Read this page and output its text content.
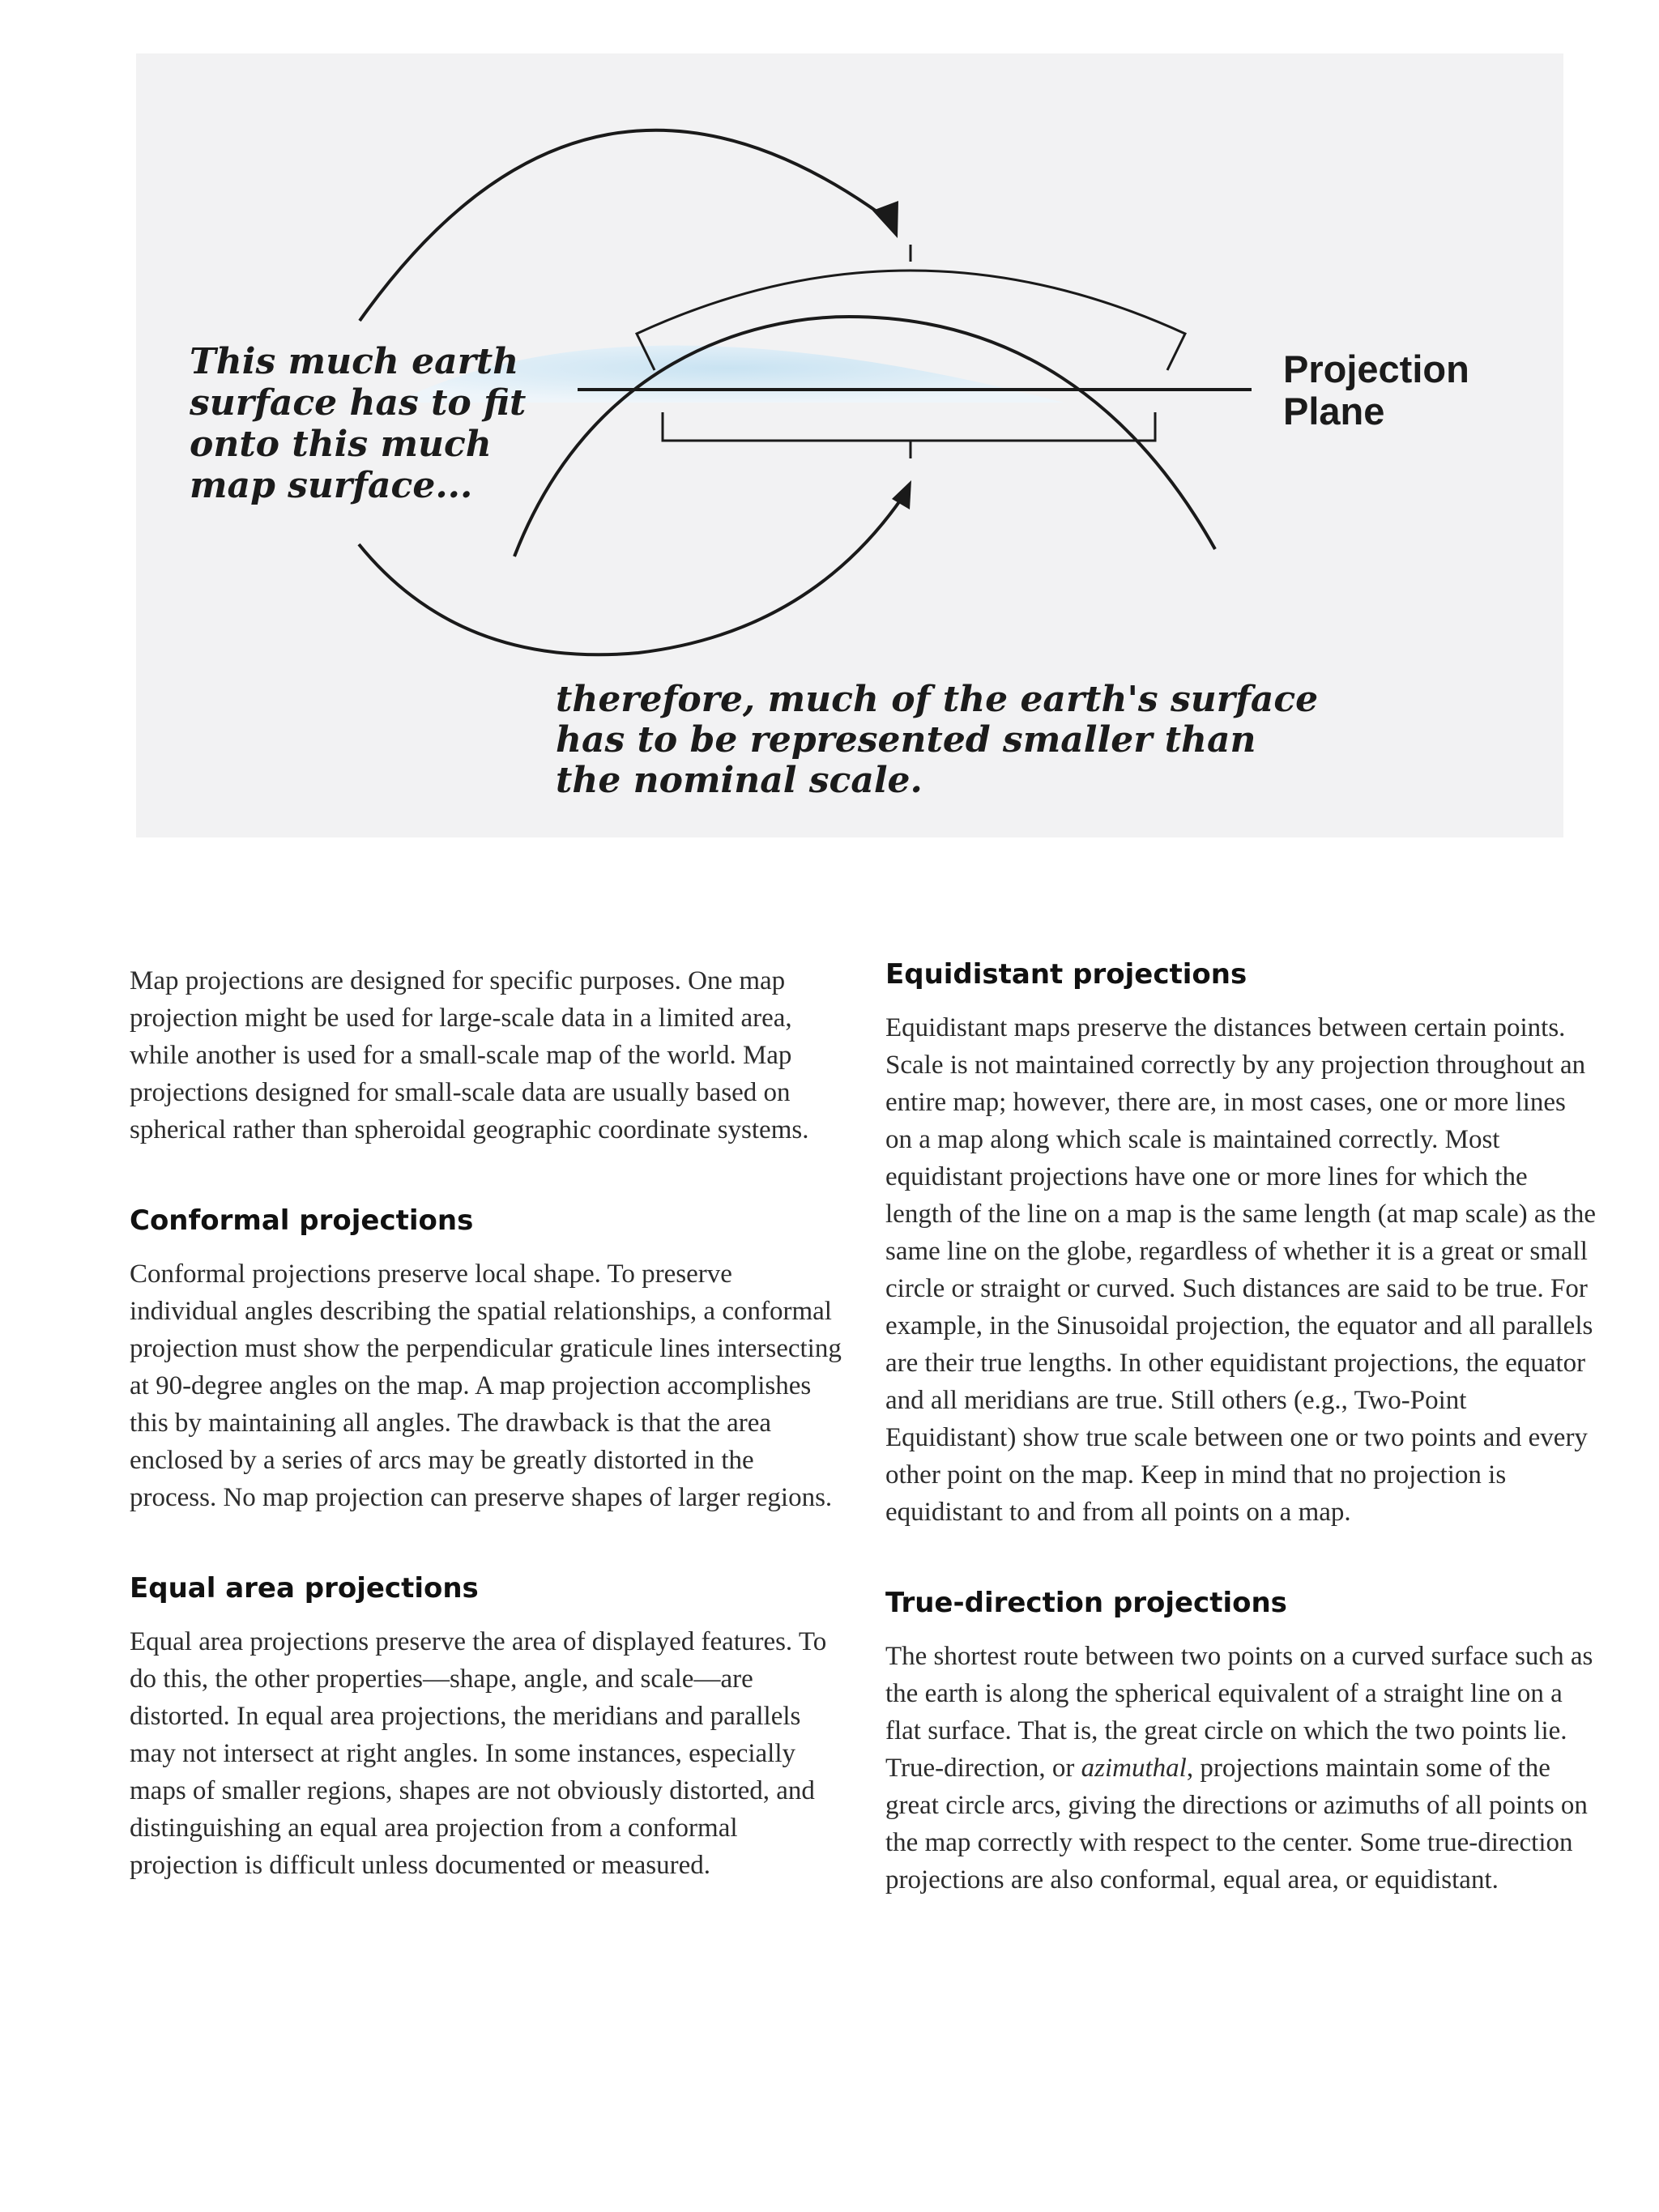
This much earth
surface has to fit
onto this much
map surface...

Projection
Plane

therefore, much of the earth's surface
has to be represented smaller than
the nominal scale.

Map projections are designed for specific purposes. One map projection might be used for large-scale data in a limited area, while another is used for a small-scale map of the world. Map projections designed for small-scale data are usually based on spherical rather than spheroidal geographic coordinate systems.

Conformal projections

Conformal projections preserve local shape. To preserve individual angles describing the spatial relationships, a conformal projection must show the perpendicular graticule lines intersecting at 90-degree angles on the map. A map projection accomplishes this by maintaining all angles. The drawback is that the area enclosed by a series of arcs may be greatly distorted in the process. No map projection can preserve shapes of larger regions.

Equal area projections

Equal area projections preserve the area of displayed features. To do this, the other properties—shape, angle, and scale—are distorted. In equal area projections, the meridians and parallels may not intersect at right angles. In some instances, especially maps of smaller regions, shapes are not obviously distorted, and distinguishing an equal area projection from a conformal projection is difficult unless documented or measured.

Equidistant projections

Equidistant maps preserve the distances between certain points. Scale is not maintained correctly by any projection throughout an entire map; however, there are, in most cases, one or more lines on a map along which scale is maintained correctly. Most equidistant projections have one or more lines for which the length of the line on a map is the same length (at map scale) as the same line on the globe, regardless of whether it is a great or small circle or straight or curved. Such distances are said to be true. For example, in the Sinusoidal projection, the equator and all parallels are their true lengths. In other equidistant projections, the equator and all meridians are true. Still others (e.g., Two-Point Equidistant) show true scale between one or two points and every other point on the map. Keep in mind that no projection is equidistant to and from all points on a map.

True-direction projections

The shortest route between two points on a curved surface such as the earth is along the spherical equivalent of a straight line on a flat surface. That is, the great circle on which the two points lie. True-direction, or azimuthal, projections maintain some of the great circle arcs, giving the directions or azimuths of all points on the map correctly with respect to the center. Some true-direction projections are also conformal, equal area, or equidistant.
